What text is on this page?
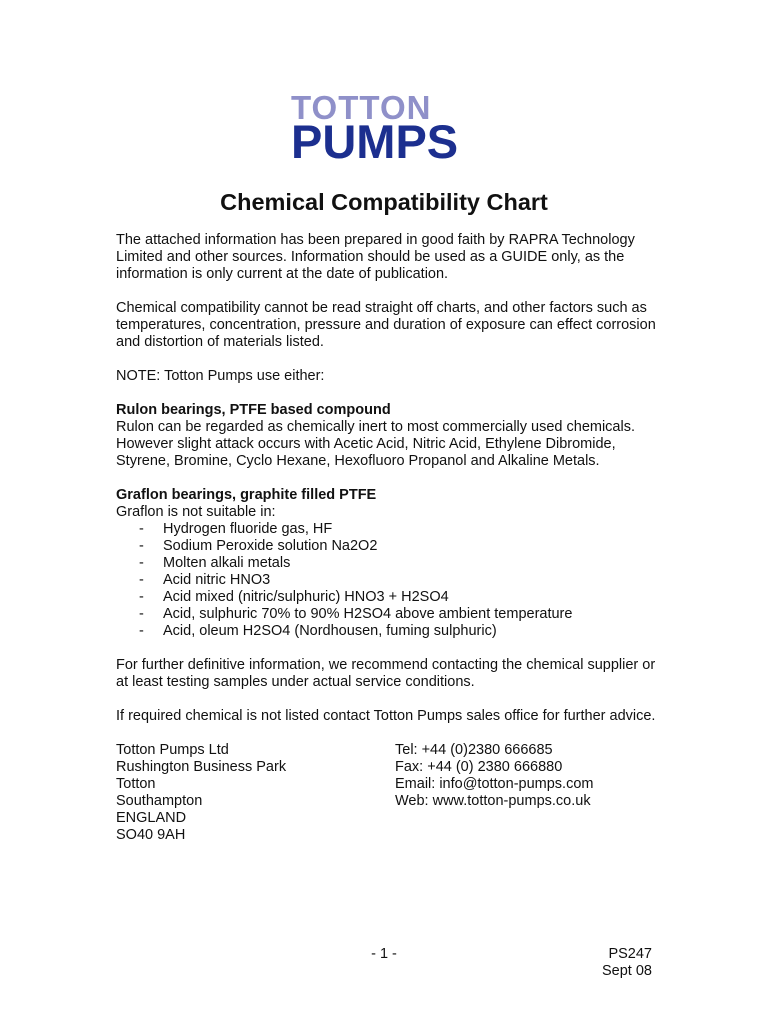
TOTTON
PUMPS
Chemical Compatibility Chart

The attached information has been prepared in good faith by RAPRA Technology Limited and other sources. Information should be used as a GUIDE only, as the information is only current at the date of publication.

Chemical compatibility cannot be read straight off charts, and other factors such as temperatures, concentration, pressure and duration of exposure can effect corrosion and distortion of materials listed.

NOTE: Totton Pumps use either:

Rulon bearings, PTFE based compound
Rulon can be regarded as chemically inert to most commercially used chemicals.

However slight attack occurs with Acetic Acid, Nitric Acid, Ethylene Dibromide, Styrene, Bromine, Cyclo Hexane, Hexofluoro Propanol and Alkaline Metals.

Graflon bearings, graphite filled PTFE
Graflon is not suitable in:
- Hydrogen fluoride gas, HF
- Sodium Peroxide solution Na2O2
- Molten alkali metals
- Acid nitric HNO3
- Acid mixed (nitric/sulphuric) HNO3 + H2SO4
- Acid, sulphuric 70% to 90% H2SO4 above ambient temperature
- Acid, oleum H2SO4 (Nordhousen, fuming sulphuric)

For further definitive information, we recommend contacting the chemical supplier or at least testing samples under actual service conditions.

If required chemical is not listed contact Totton Pumps sales office for further advice.

Totton Pumps Ltd
Rushington Business Park
Totton
Southampton
ENGLAND
SO40 9AH
Tel: +44 (0)2380 666685
Fax: +44 (0) 2380 666880
Email: info@totton-pumps.com
Web: www.totton-pumps.co.uk
- 1 -	PS247
Sept 08
